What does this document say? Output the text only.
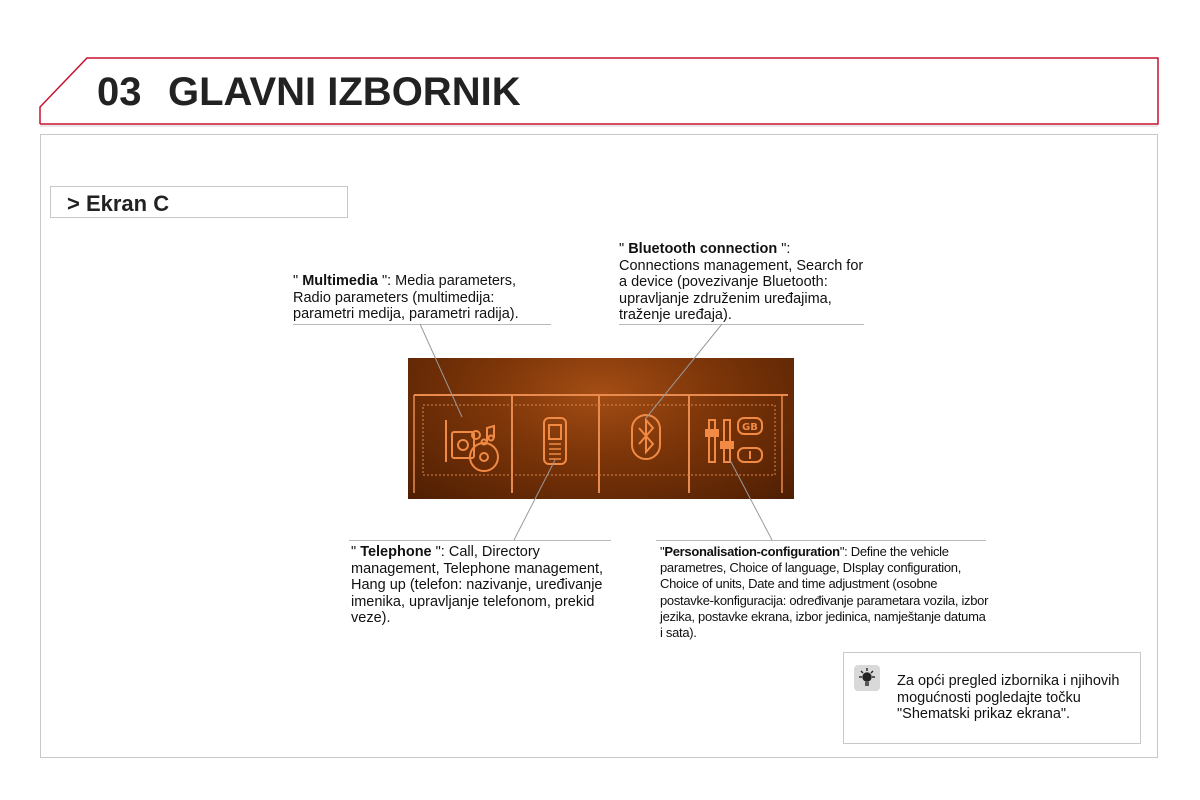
03 GLAVNI IZBORNIK
> Ekran C
" Multimedia ": Media parameters, Radio parameters (multimedija: parametri medija, parametri radija).
" Bluetooth connection ": Connections management, Search for a device (povezivanje Bluetooth: upravljanje združenim uređajima, traženje uređaja).
" Telephone ": Call, Directory management, Telephone management, Hang up (telefon: nazivanje, uređivanje imenika, upravljanje telefonom, prekid veze).
"Personalisation-configuration": Define the vehicle parametres, Choice of language, DIsplay configuration, Choice of units, Date and time adjustment (osobne postavke-konfiguracija: određivanje parametara vozila, izbor jezika, postavke ekrana, izbor jedinica, namještanje datuma i sata).
GB
Za opći pregled izbornika i njihovih mogućnosti pogledajte točku "Shematski prikaz ekrana".
